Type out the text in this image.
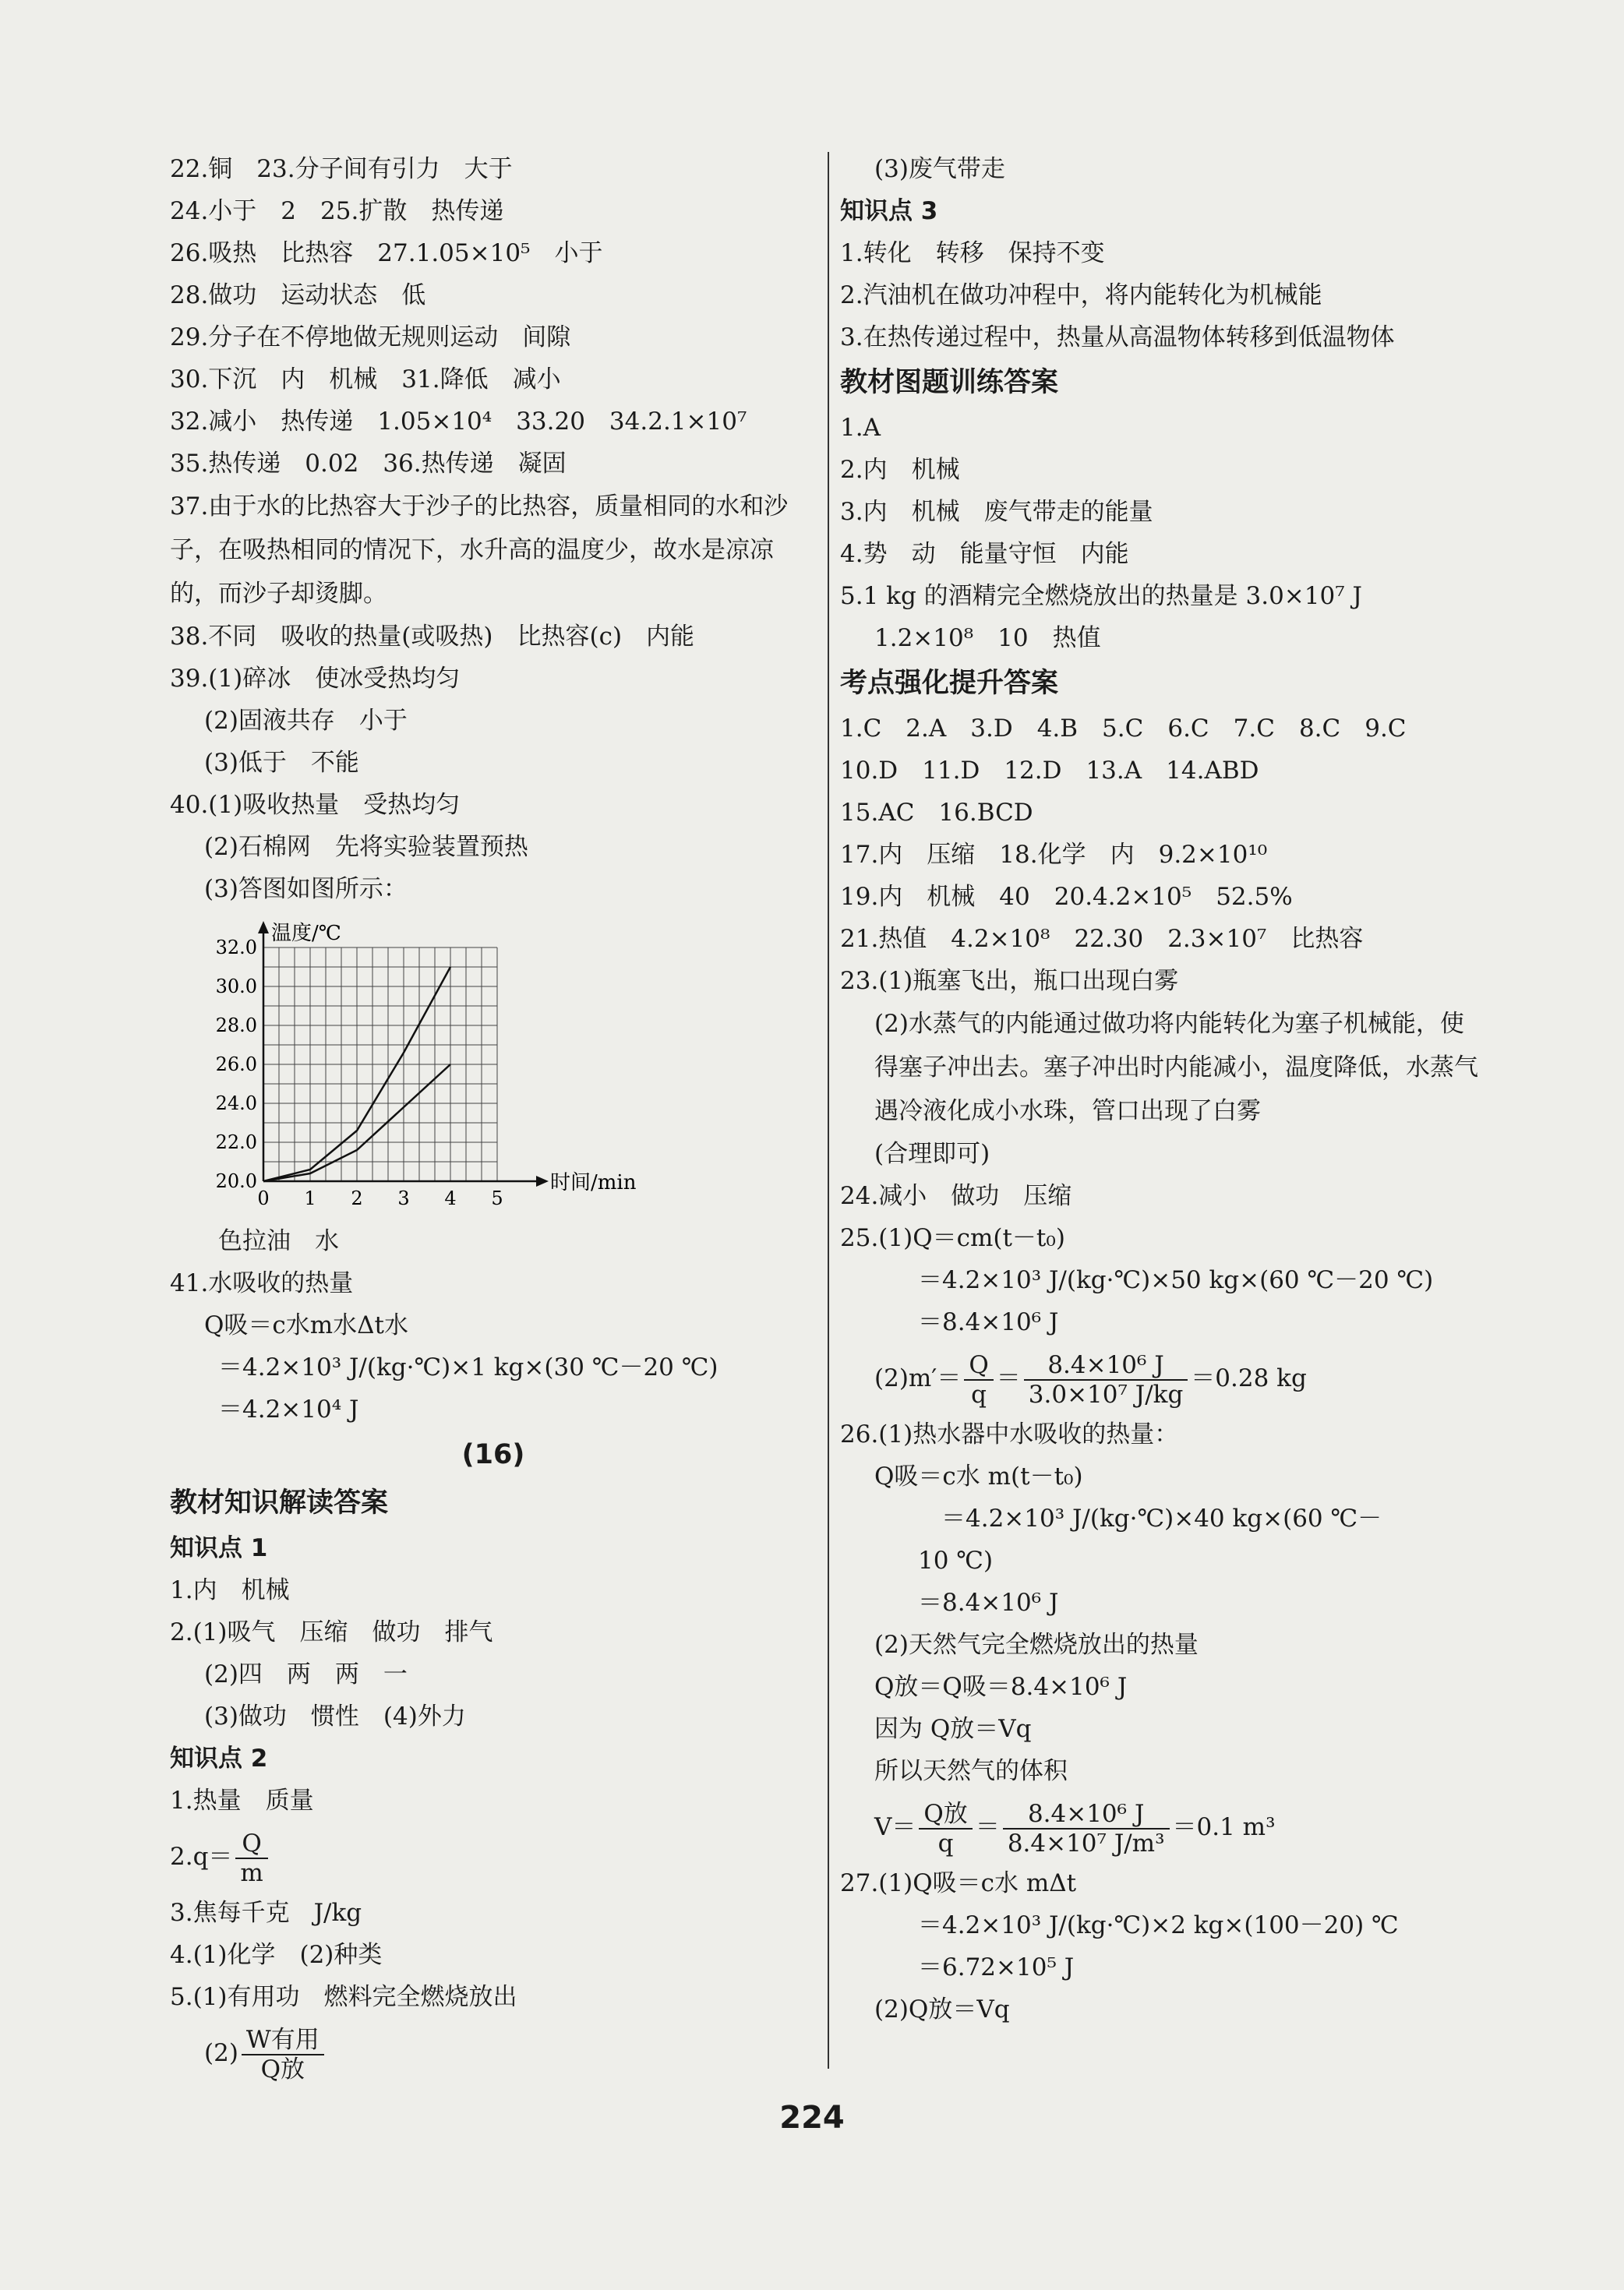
22.铜　23.分子间有引力　大于
24.小于　2　25.扩散　热传递
26.吸热　比热容　27.1.05×10⁵　小于
28.做功　运动状态　低
29.分子在不停地做无规则运动　间隙
30.下沉　内　机械　31.降低　减小
32.减小　热传递　1.05×10⁴　33.20　34.2.1×10⁷
35.热传递　0.02　36.热传递　凝固
37.由于水的比热容大于沙子的比热容，质量相同的水和沙子，在吸热相同的情况下，水升高的温度少，故水是凉凉的，而沙子却烫脚。
38.不同　吸收的热量(或吸热)　比热容(c)　内能
39.(1)碎冰　使冰受热均匀
(2)固液共存　小于
(3)低于　不能
40.(1)吸收热量　受热均匀
(2)石棉网　先将实验装置预热
(3)答图如图所示：
0 1 2 3 4 5
20.0
22.0
24.0
26.0
28.0
30.0
32.0
温度/℃
时间/min
色拉油　水
41.水吸收的热量
Q吸＝c水m水Δt水
＝4.2×10³ J/(kg·℃)×1 kg×(30 ℃－20 ℃)
＝4.2×10⁴ J
(16)
教材知识解读答案
知识点 1
1.内　机械
2.(1)吸气　压缩　做功　排气
(2)四　两　两　一
(3)做功　惯性　(4)外力
知识点 2
1.热量　质量
$2.q= \frac{Q}{m}$
3.焦每千克　J/kg
4.(1)化学　(2)种类
5.(1)有用功　燃料完全燃烧放出
$(2) \frac{\text{W有用}}{\text{Q放}}$
(3)废气带走
知识点 3
1.转化　转移　保持不变
2.汽油机在做功冲程中，将内能转化为机械能
3.在热传递过程中，热量从高温物体转移到低温物体
教材图题训练答案
1.A
2.内　机械
3.内　机械　废气带走的能量
4.势　动　能量守恒　内能
5.1 kg 的酒精完全燃烧放出的热量是 3.0×10⁷ J
1.2×10⁸　10　热值
考点强化提升答案
1.C　2.A　3.D　4.B　5.C　6.C　7.C　8.C　9.C
10.D　11.D　12.D　13.A　14.ABD
15.AC　16.BCD
17.内　压缩　18.化学　内　9.2×10¹⁰
19.内　机械　40　20.4.2×10⁵　52.5%
21.热值　4.2×10⁸　22.30　2.3×10⁷　比热容
23.(1)瓶塞飞出，瓶口出现白雾
(2)水蒸气的内能通过做功将内能转化为塞子机械能，使得塞子冲出去。塞子冲出时内能减小，温度降低，水蒸气遇冷液化成小水珠，管口出现了白雾
(合理即可)
24.减小　做功　压缩
25.(1)Q＝cm(t－t₀)
＝4.2×10³ J/(kg·℃)×50 kg×(60 ℃－20 ℃)
＝8.4×10⁶ J
$(2)m'= \frac{Q}{q} = \frac{\text{8.4×10⁶ J}}{\text{3.0×10⁷ J/kg}} =0.28$ kg
26.(1)热水器中水吸收的热量：
Q吸＝c水 m(t－t₀)
＝4.2×10³ J/(kg·℃)×40 kg×(60 ℃－
10 ℃)
＝8.4×10⁶ J
(2)天然气完全燃烧放出的热量
Q放＝Q吸＝8.4×10⁶ J
因为 Q放＝Vq
所以天然气的体积
$V= \frac{\text{Q放}}{q} = \frac{\text{8.4×10⁶ J}}{\text{8.4×10⁷ J/m³}} =0.1$ m³
27.(1)Q吸＝c水 mΔt
＝4.2×10³ J/(kg·℃)×2 kg×(100－20) ℃
＝6.72×10⁵ J
(2)Q放＝Vq
224
